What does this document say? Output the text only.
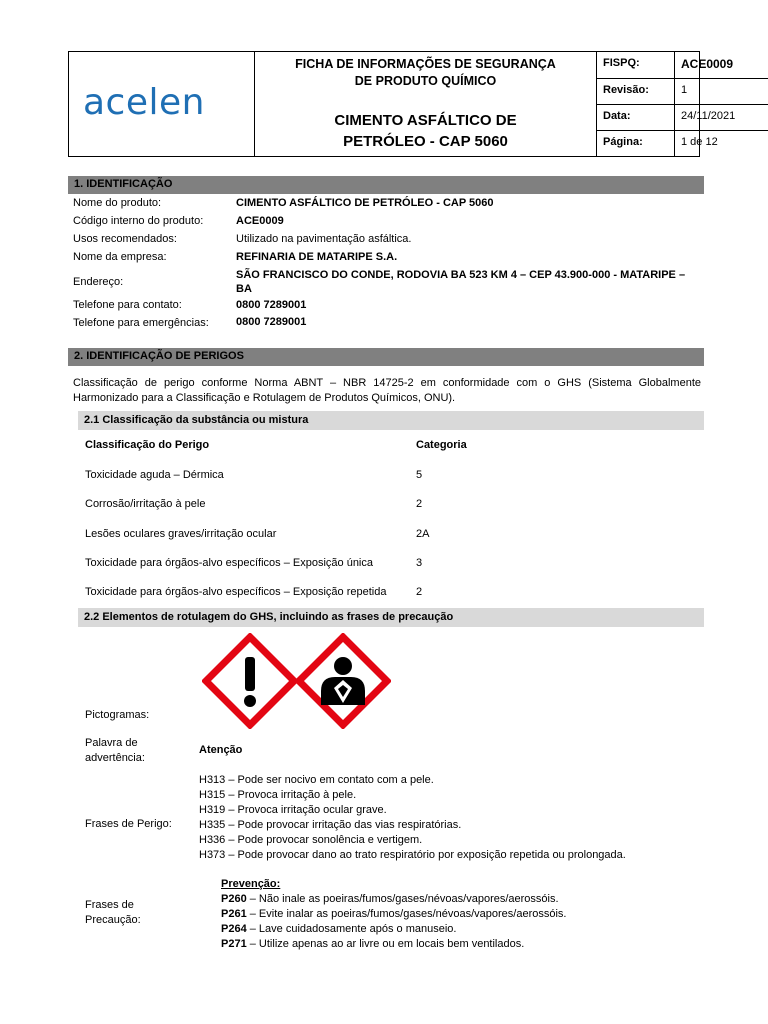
acelen
FICHA DE INFORMAÇÕES DE SEGURANÇA
DE PRODUTO QUÍMICO
CIMENTO ASFÁLTICO DE
PETRÓLEO - CAP 5060
FISPQ:	ACE0009
Revisão:	1
Data:	24/11/2021
Página:	1 de 12
1. IDENTIFICAÇÃO
Nome do produto:	CIMENTO ASFÁLTICO DE PETRÓLEO - CAP 5060
Código interno do produto:	ACE0009
Usos recomendados:	Utilizado na pavimentação asfáltica.
Nome da empresa:	REFINARIA DE MATARIPE S.A.
Endereço:
SÃO FRANCISCO DO CONDE, RODOVIA BA 523 KM 4 – CEP 43.900-000 - MATARIPE –
BA
Telefone para contato:	0800 7289001
Telefone para emergências: 0800 7289001
2. IDENTIFICAÇÃO DE PERIGOS
Classificação de perigo conforme Norma ABNT – NBR 14725-2 em conformidade com o GHS (Sistema Globalmente
Harmonizado para a Classificação e Rotulagem de Produtos Químicos, ONU).
2.1 Classificação da substância ou mistura
Classificação do Perigo	Categoria
Toxicidade aguda – Dérmica	5
Corrosão/irritação à pele	2
Lesões oculares graves/irritação ocular	2A
Toxicidade para órgãos-alvo específicos – Exposição única	3
Toxicidade para órgãos-alvo específicos – Exposição repetida	2
2.2 Elementos de rotulagem do GHS, incluindo as frases de precaução
Pictogramas:
Palavra de
advertência:
Atenção
Frases de Perigo:
H313 – Pode ser nocivo em contato com a pele.
H315 – Provoca irritação à pele.
H319 – Provoca irritação ocular grave.
H335 – Pode provocar irritação das vias respiratórias.
H336 – Pode provocar sonolência e vertigem.
H373 – Pode provocar dano ao trato respiratório por exposição repetida ou prolongada.
Frases de
Precaução:
Prevenção:
P260 – Não inale as poeiras/fumos/gases/névoas/vapores/aerossóis.
P261 – Evite inalar as poeiras/fumos/gases/névoas/vapores/aerossóis.
P264 – Lave cuidadosamente após o manuseio.
P271 – Utilize apenas ao ar livre ou em locais bem ventilados.
